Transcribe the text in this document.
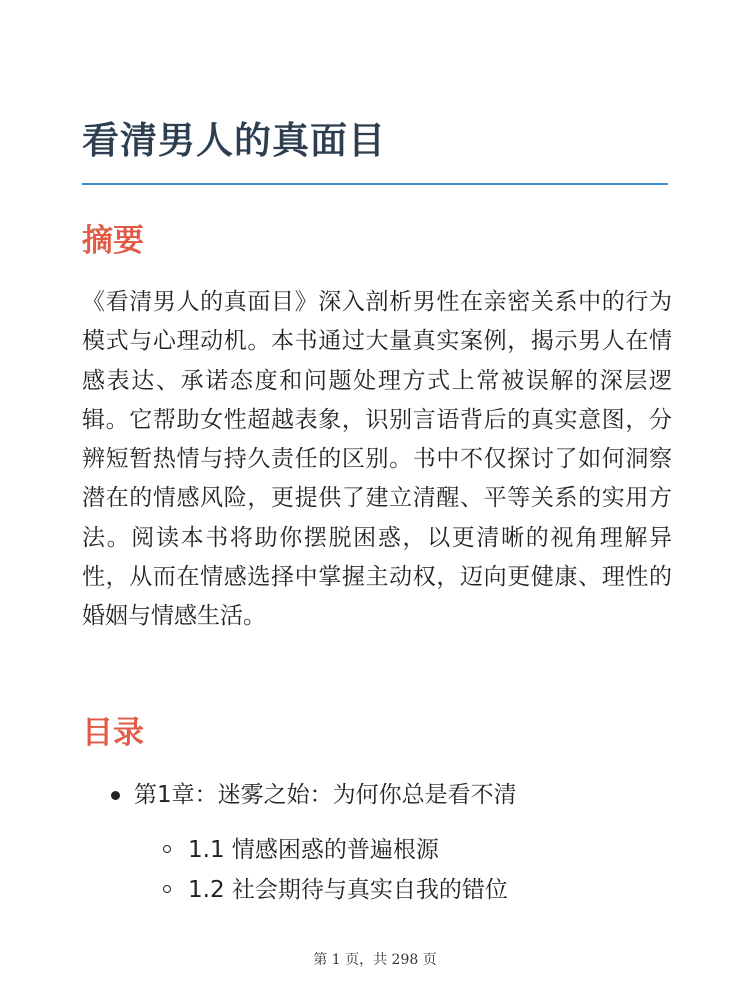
看清男人的真面目
摘要

《看清男人的真面目》深入剖析男性在亲密关系中的行为模式与心理动机。本书通过大量真实案例，揭示男人在情感表达、承诺态度和问题处理方式上常被误解的深层逻辑。它帮助女性超越表象，识别言语背后的真实意图，分辨短暂热情与持久责任的区别。书中不仅探讨了如何洞察潜在的情感风险，更提供了建立清醒、平等关系的实用方法。阅读本书将助你摆脱困惑，以更清晰的视角理解异性，从而在情感选择中掌握主动权，迈向更健康、理性的婚姻与情感生活。

目录
第1章：迷雾之始：为何你总是看不清
1.1 情感困惑的普遍根源
1.2 社会期待与真实自我的错位
第 1 页，共 298 页
